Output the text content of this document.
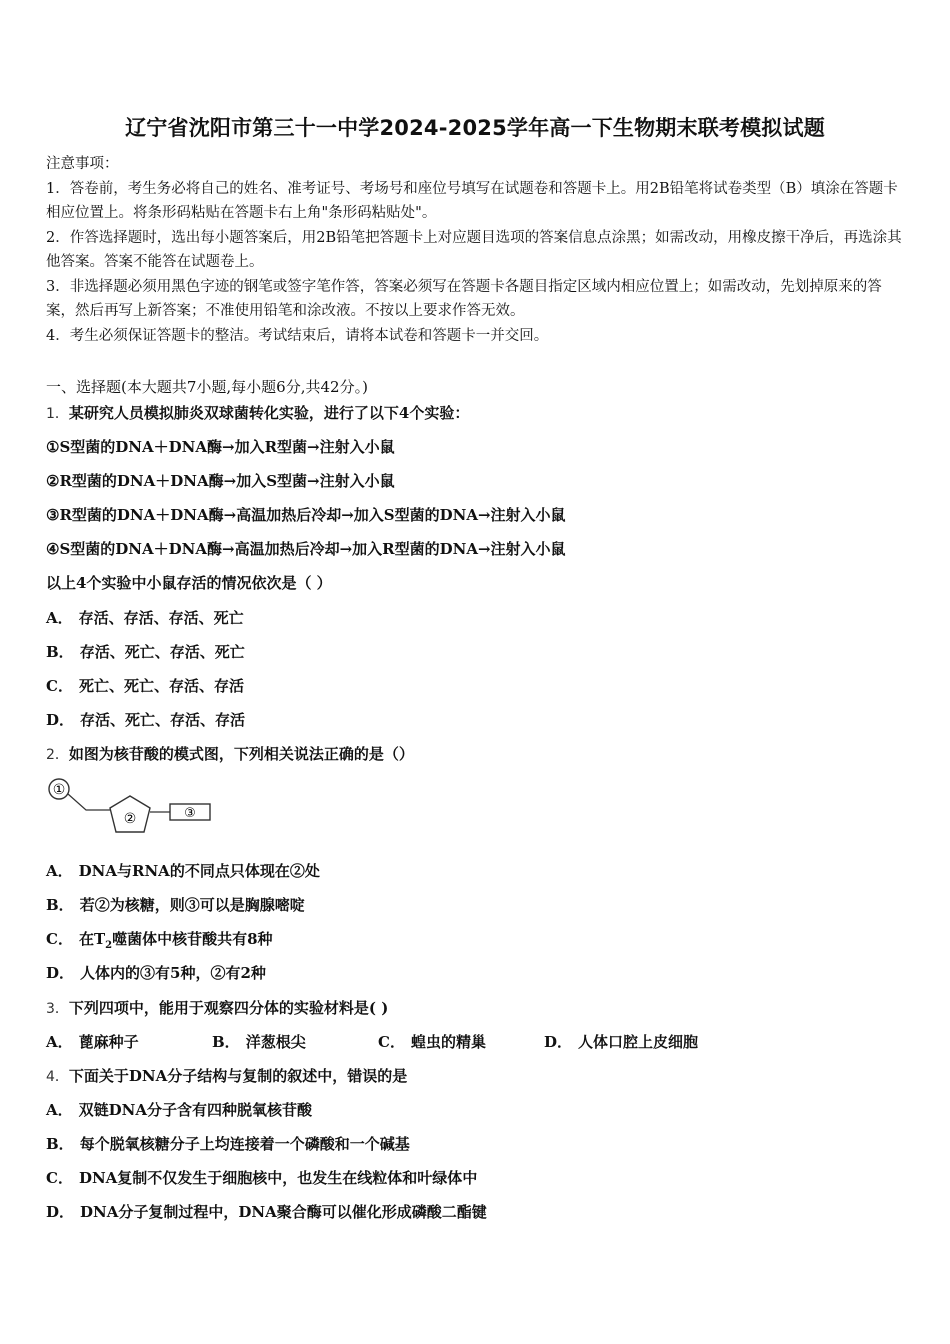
辽宁省沈阳市第三十一中学2024-2025学年高一下生物期末联考模拟试题

注意事项：

1．答卷前，考生务必将自己的姓名、准考证号、考场号和座位号填写在试题卷和答题卡上。用2B铅笔将试卷类型（B）填涂在答题卡相应位置上。将条形码粘贴在答题卡右上角"条形码粘贴处"。

2．作答选择题时，选出每小题答案后，用2B铅笔把答题卡上对应题目选项的答案信息点涂黑；如需改动，用橡皮擦干净后，再选涂其他答案。答案不能答在试题卷上。

3．非选择题必须用黑色字迹的钢笔或签字笔作答，答案必须写在答题卡各题目指定区域内相应位置上；如需改动，先划掉原来的答案，然后再写上新答案；不准使用铅笔和涂改液。不按以上要求作答无效。

4．考生必须保证答题卡的整洁。考试结束后，请将本试卷和答题卡一并交回。

一、选择题(本大题共7小题,每小题6分,共42分。)
1．某研究人员模拟肺炎双球菌转化实验，进行了以下4个实验：
①S型菌的DNA＋DNA酶→加入R型菌→注射入小鼠
②R型菌的DNA＋DNA酶→加入S型菌→注射入小鼠
③R型菌的DNA＋DNA酶→高温加热后冷却→加入S型菌的DNA→注射入小鼠
④S型菌的DNA＋DNA酶→高温加热后冷却→加入R型菌的DNA→注射入小鼠
以上4个实验中小鼠存活的情况依次是（ ）
A． 存活、存活、存活、死亡
B． 存活、死亡、存活、死亡
C． 死亡、死亡、存活、存活
D． 存活、死亡、存活、存活
2．如图为核苷酸的模式图，下列相关说法正确的是（）
①
②	③
A． DNA与RNA的不同点只体现在②处
B． 若②为核糖，则③可以是胸腺嘧啶
C． 在$T_2$噬菌体中核苷酸共有8种
D． 人体内的③有5种，②有2种
3．下列四项中，能用于观察四分体的实验材料是( )
A． 蓖麻种子	B． 洋葱根尖	C． 蝗虫的精巢	D． 人体口腔上皮细胞
4．下面关于DNA分子结构与复制的叙述中，错误的是
A． 双链DNA分子含有四种脱氧核苷酸
B． 每个脱氧核糖分子上均连接着一个磷酸和一个碱基
C． DNA复制不仅发生于细胞核中，也发生在线粒体和叶绿体中
D． DNA分子复制过程中，DNA聚合酶可以催化形成磷酸二酯键
